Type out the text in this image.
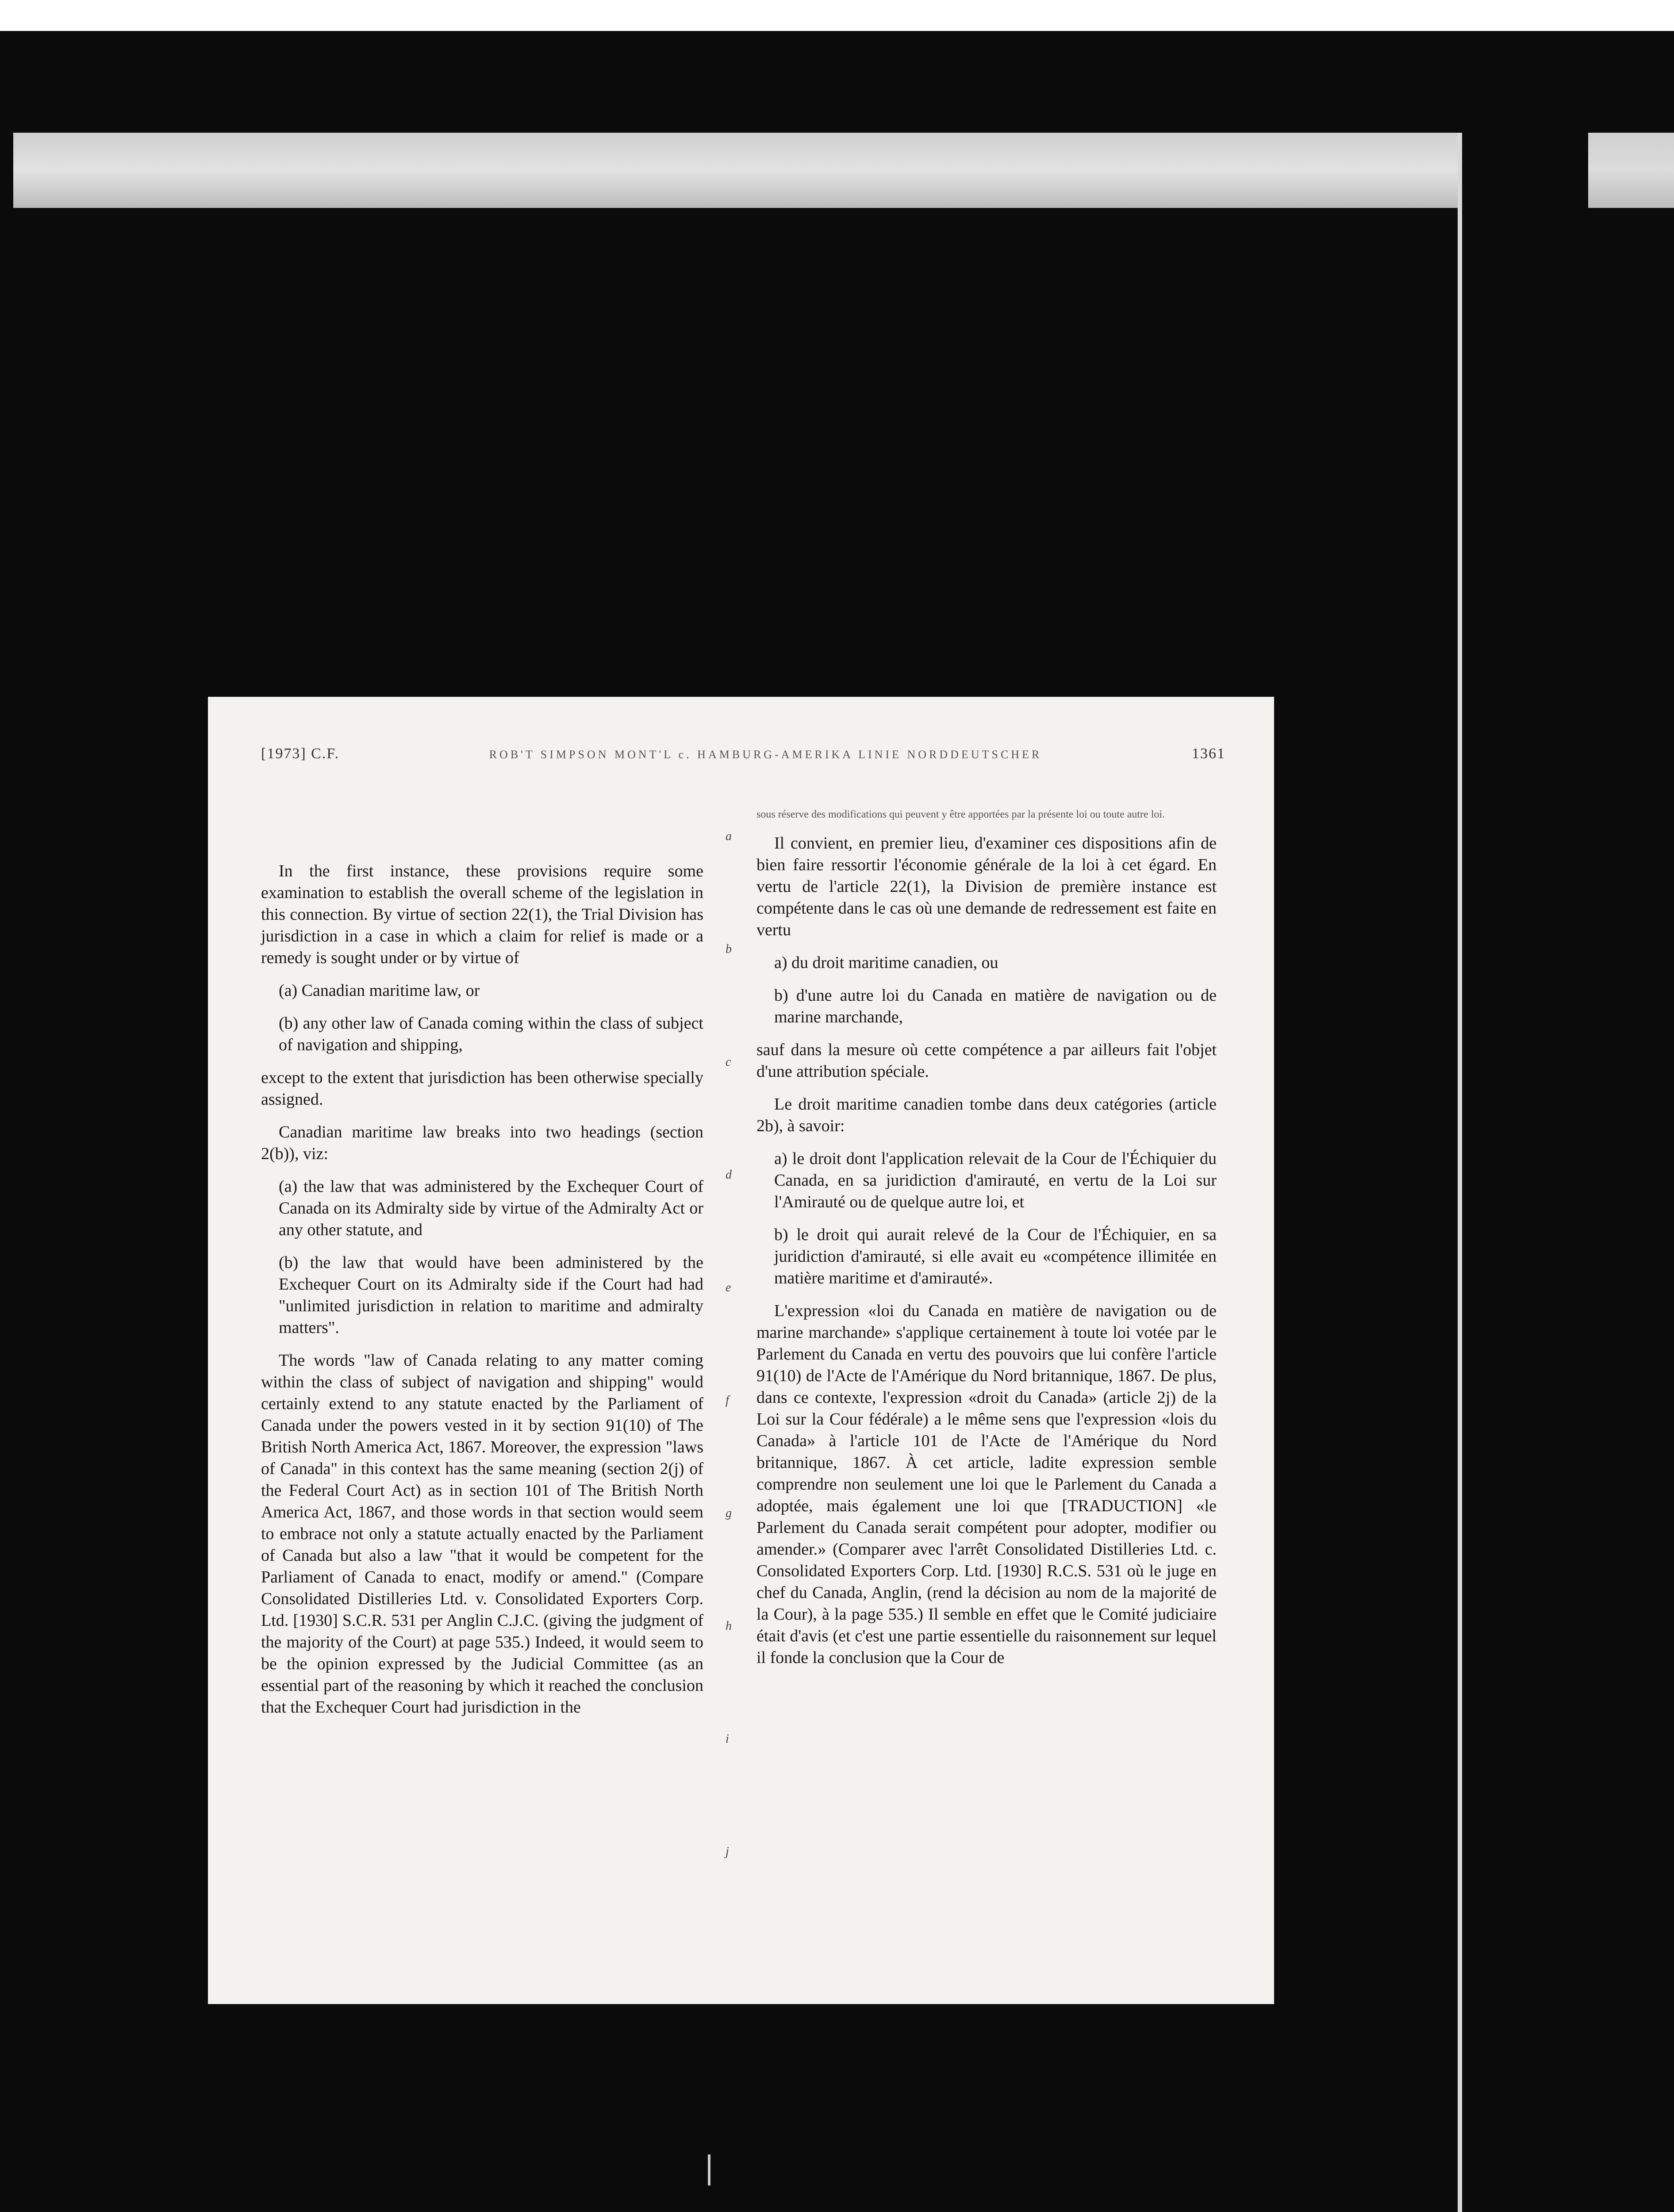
[1973] C.F.	ROB'T SIMPSON MONT'L c. HAMBURG-AMERIKA LINIE NORDDEUTSCHER	1361

In the first instance, these provisions require some examination to establish the overall scheme of the legislation in this connection. By virtue of section 22(1), the Trial Division has jurisdiction in a case in which a claim for relief is made or a remedy is sought under or by virtue of

(a) Canadian maritime law, or

(b) any other law of Canada coming within the class of subject of navigation and shipping,

except to the extent that jurisdiction has been otherwise specially assigned.

Canadian maritime law breaks into two headings (section 2(b)), viz:

(a) the law that was administered by the Exchequer Court of Canada on its Admiralty side by virtue of the Admiralty Act or any other statute, and

(b) the law that would have been administered by the Exchequer Court on its Admiralty side if the Court had had "unlimited jurisdiction in relation to maritime and admiralty matters".

The words "law of Canada relating to any matter coming within the class of subject of navigation and shipping" would certainly extend to any statute enacted by the Parliament of Canada under the powers vested in it by section 91(10) of The British North America Act, 1867. Moreover, the expression "laws of Canada" in this context has the same meaning (section 2(j) of the Federal Court Act) as in section 101 of The British North America Act, 1867, and those words in that section would seem to embrace not only a statute actually enacted by the Parliament of Canada but also a law "that it would be competent for the Parliament of Canada to enact, modify or amend." (Compare Consolidated Distilleries Ltd. v. Consolidated Exporters Corp. Ltd. [1930] S.C.R. 531 per Anglin C.J.C. (giving the judgment of the majority of the Court) at page 535.) Indeed, it would seem to be the opinion expressed by the Judicial Committee (as an essential part of the reasoning by which it reached the conclusion that the Exchequer Court had jurisdiction in the

a
b
c
d
e
f
g
h
i
j

sous réserve des modifications qui peuvent y être apportées par la présente loi ou toute autre loi.

Il convient, en premier lieu, d'examiner ces dispositions afin de bien faire ressortir l'économie générale de la loi à cet égard. En vertu de l'article 22(1), la Division de première instance est compétente dans le cas où une demande de redressement est faite en vertu

a) du droit maritime canadien, ou

b) d'une autre loi du Canada en matière de navigation ou de marine marchande,

sauf dans la mesure où cette compétence a par ailleurs fait l'objet d'une attribution spéciale.

Le droit maritime canadien tombe dans deux catégories (article 2b), à savoir:

a) le droit dont l'application relevait de la Cour de l'Échiquier du Canada, en sa juridiction d'amirauté, en vertu de la Loi sur l'Amirauté ou de quelque autre loi, et

b) le droit qui aurait relevé de la Cour de l'Échiquier, en sa juridiction d'amirauté, si elle avait eu «compétence illimitée en matière maritime et d'amirauté».

L'expression «loi du Canada en matière de navigation ou de marine marchande» s'applique certainement à toute loi votée par le Parlement du Canada en vertu des pouvoirs que lui confère l'article 91(10) de l'Acte de l'Amérique du Nord britannique, 1867. De plus, dans ce contexte, l'expression «droit du Canada» (article 2j) de la Loi sur la Cour fédérale) a le même sens que l'expression «lois du Canada» à l'article 101 de l'Acte de l'Amérique du Nord britannique, 1867. À cet article, ladite expression semble comprendre non seulement une loi que le Parlement du Canada a adoptée, mais également une loi que [TRADUCTION] «le Parlement du Canada serait compétent pour adopter, modifier ou amender.» (Comparer avec l'arrêt Consolidated Distilleries Ltd. c. Consolidated Exporters Corp. Ltd. [1930] R.C.S. 531 où le juge en chef du Canada, Anglin, (rend la décision au nom de la majorité de la Cour), à la page 535.) Il semble en effet que le Comité judiciaire était d'avis (et c'est une partie essentielle du raisonnement sur lequel il fonde la conclusion que la Cour de
